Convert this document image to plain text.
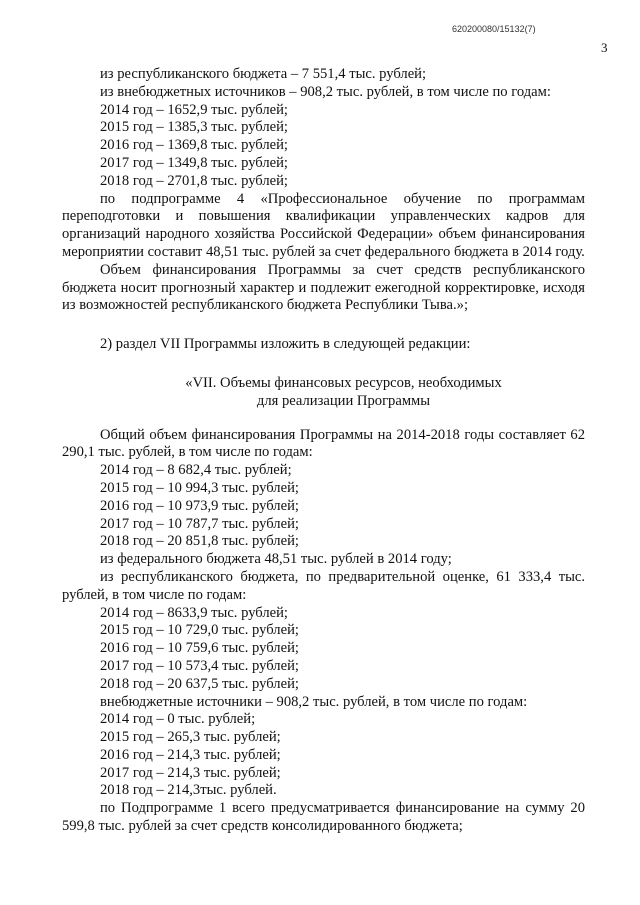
620200080/15132(7)
3

из республиканского бюджета – 7 551,4 тыс. рублей;

из внебюджетных источников – 908,2 тыс. рублей, в том числе по годам:

2014 год – 1652,9 тыс. рублей;

2015 год – 1385,3 тыс. рублей;

2016 год – 1369,8 тыс. рублей;

2017 год – 1349,8 тыс. рублей;

2018 год – 2701,8 тыс. рублей;

по подпрограмме 4 «Профессиональное обучение по программам переподготовки и повышения квалификации управленческих кадров для организаций народного хозяйства Российской Федерации» объем финансирования мероприятии составит 48,51 тыс. рублей за счет федерального бюджета в 2014 году.

Объем финансирования Программы за счет средств республиканского бюджета носит прогнозный характер и подлежит ежегодной корректировке, исходя из возможностей республиканского бюджета Республики Тыва.»;

2) раздел VII Программы изложить в следующей редакции:

«VII. Объемы финансовых ресурсов, необходимых

для реализации Программы

Общий объем финансирования Программы на 2014-2018 годы составляет 62 290,1 тыс. рублей, в том числе по годам:

2014 год – 8 682,4 тыс. рублей;

2015 год – 10 994,3 тыс. рублей;

2016 год – 10 973,9 тыс. рублей;

2017 год – 10 787,7 тыс. рублей;

2018 год – 20 851,8 тыс. рублей;

из федерального бюджета 48,51 тыс. рублей в 2014 году;

из республиканского бюджета, по предварительной оценке, 61 333,4 тыс. рублей, в том числе по годам:

2014 год – 8633,9 тыс. рублей;

2015 год – 10 729,0 тыс. рублей;

2016 год – 10 759,6 тыс. рублей;

2017 год – 10 573,4 тыс. рублей;

2018 год – 20 637,5 тыс. рублей;

внебюджетные источники – 908,2 тыс. рублей, в том числе по годам:

2014 год – 0 тыс. рублей;

2015 год – 265,3 тыс. рублей;

2016 год – 214,3 тыс. рублей;

2017 год – 214,3 тыс. рублей;

2018 год – 214,3тыс. рублей.

по Подпрограмме 1 всего предусматривается финансирование на сумму 20 599,8 тыс. рублей за счет средств консолидированного бюджета;
